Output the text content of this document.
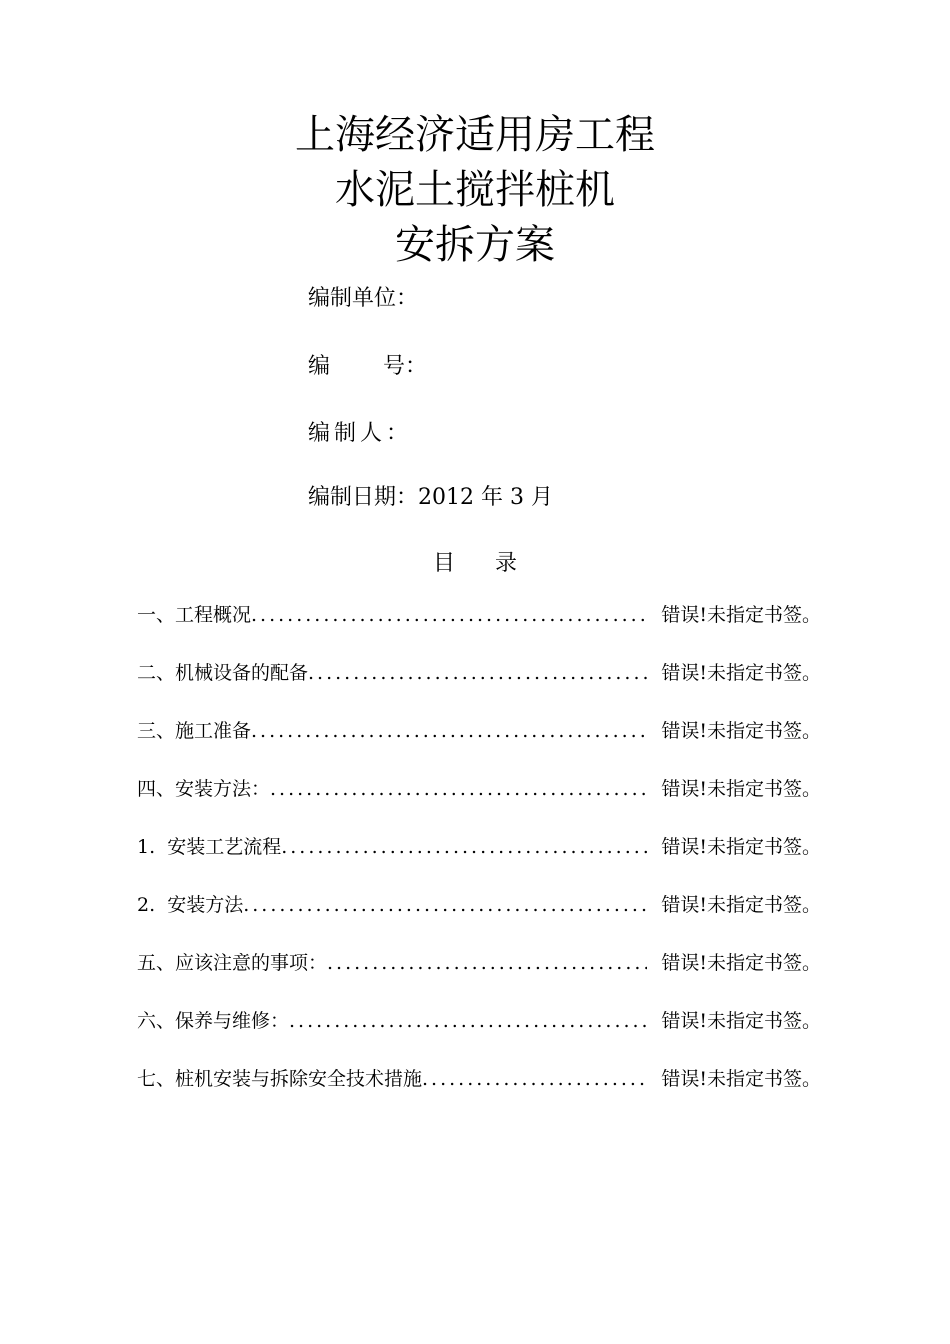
上海经济适用房工程
水泥土搅拌桩机
安拆方案
编制单位：
编 号：
编制人：
编制日期：2012 年 3 月
目 录
一、工程概况 .....	错误!未指定书签。
二、机械设备的配备 .....	错误!未指定书签。
三、施工准备 .....	错误!未指定书签。
四、安装方法： .....	错误!未指定书签。
1.  安装工艺流程 .....	错误!未指定书签。
2.  安装方法 .....	错误!未指定书签。
五、应该注意的事项： .....	错误!未指定书签。
六、保养与维修： .....	错误!未指定书签。
七、桩机安装与拆除安全技术措施 .....	错误!未指定书签。
